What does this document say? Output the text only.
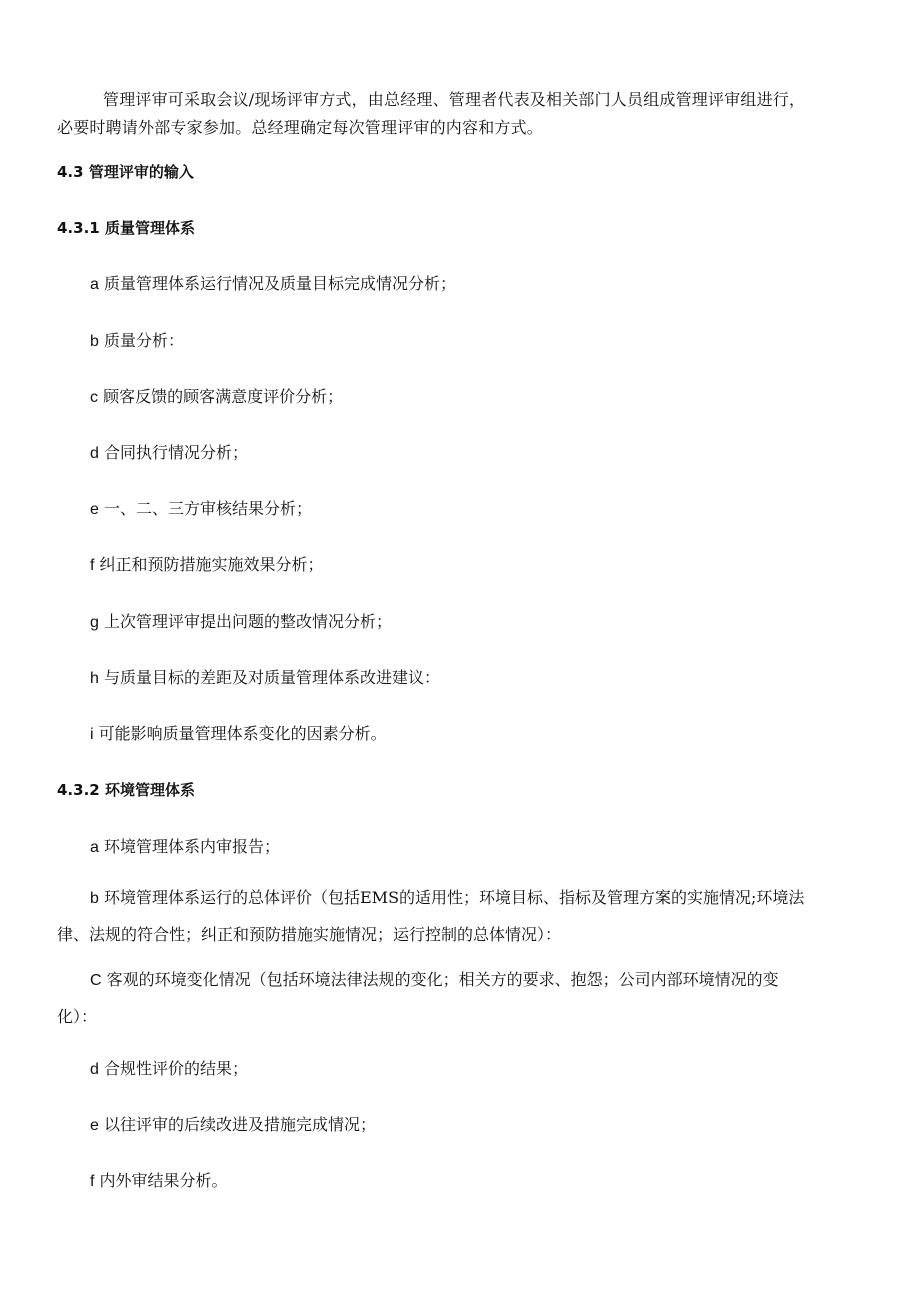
管理评审可采取会议/现场评审方式，由总经理、管理者代表及相关部门人员组成管理评审组进行，必要时聘请外部专家参加。总经理确定每次管理评审的内容和方式。

4.3 管理评审的输入
4.3.1 质量管理体系
a 质量管理体系运行情况及质量目标完成情况分析；
b 质量分析：
c 顾客反馈的顾客满意度评价分析；
d 合同执行情况分析；
e 一、二、三方审核结果分析；
f 纠正和预防措施实施效果分析；
g 上次管理评审提出问题的整改情况分析；
h 与质量目标的差距及对质量管理体系改进建议：
i 可能影响质量管理体系变化的因素分析。
4.3.2 环境管理体系
a 环境管理体系内审报告；
b 环境管理体系运行的总体评价（包括EMS的适用性；环境目标、指标及管理方案的实施情况;环境法律、法规的符合性；纠正和预防措施实施情况；运行控制的总体情况）：
C 客观的环境变化情况（包括环境法律法规的变化；相关方的要求、抱怨；公司内部环境情况的变化）：
d 合规性评价的结果；
e 以往评审的后续改进及措施完成情况；
f 内外审结果分析。
